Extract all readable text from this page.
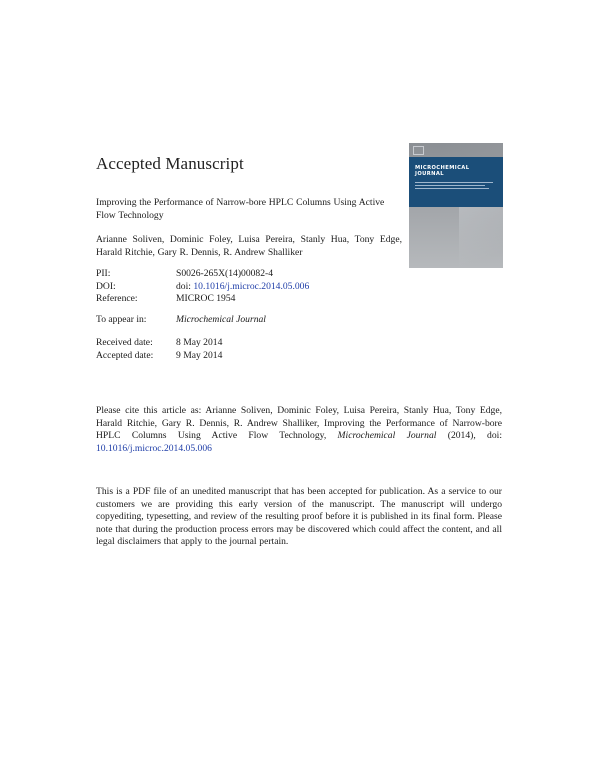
Accepted Manuscript
Improving the Performance of Narrow-bore HPLC Columns Using Active Flow Technology
Arianne Soliven, Dominic Foley, Luisa Pereira, Stanly Hua, Tony Edge, Harald Ritchie, Gary R. Dennis, R. Andrew Shalliker
MICROCHEMICAL JOURNAL
PII:	S0026-265X(14)00082-4
DOI:	doi: 10.1016/j.microc.2014.05.006
Reference:	MICROC 1954
To appear in:	Microchemical Journal
Received date:	8 May 2014
Accepted date:	9 May 2014
Please cite this article as: Arianne Soliven, Dominic Foley, Luisa Pereira, Stanly Hua, Tony Edge, Harald Ritchie, Gary R. Dennis, R. Andrew Shalliker, Improving the Performance of Narrow-bore HPLC Columns Using Active Flow Technology, Microchemical Journal (2014), doi: 10.1016/j.microc.2014.05.006
This is a PDF file of an unedited manuscript that has been accepted for publication. As a service to our customers we are providing this early version of the manuscript. The manuscript will undergo copyediting, typesetting, and review of the resulting proof before it is published in its final form. Please note that during the production process errors may be discovered which could affect the content, and all legal disclaimers that apply to the journal pertain.
